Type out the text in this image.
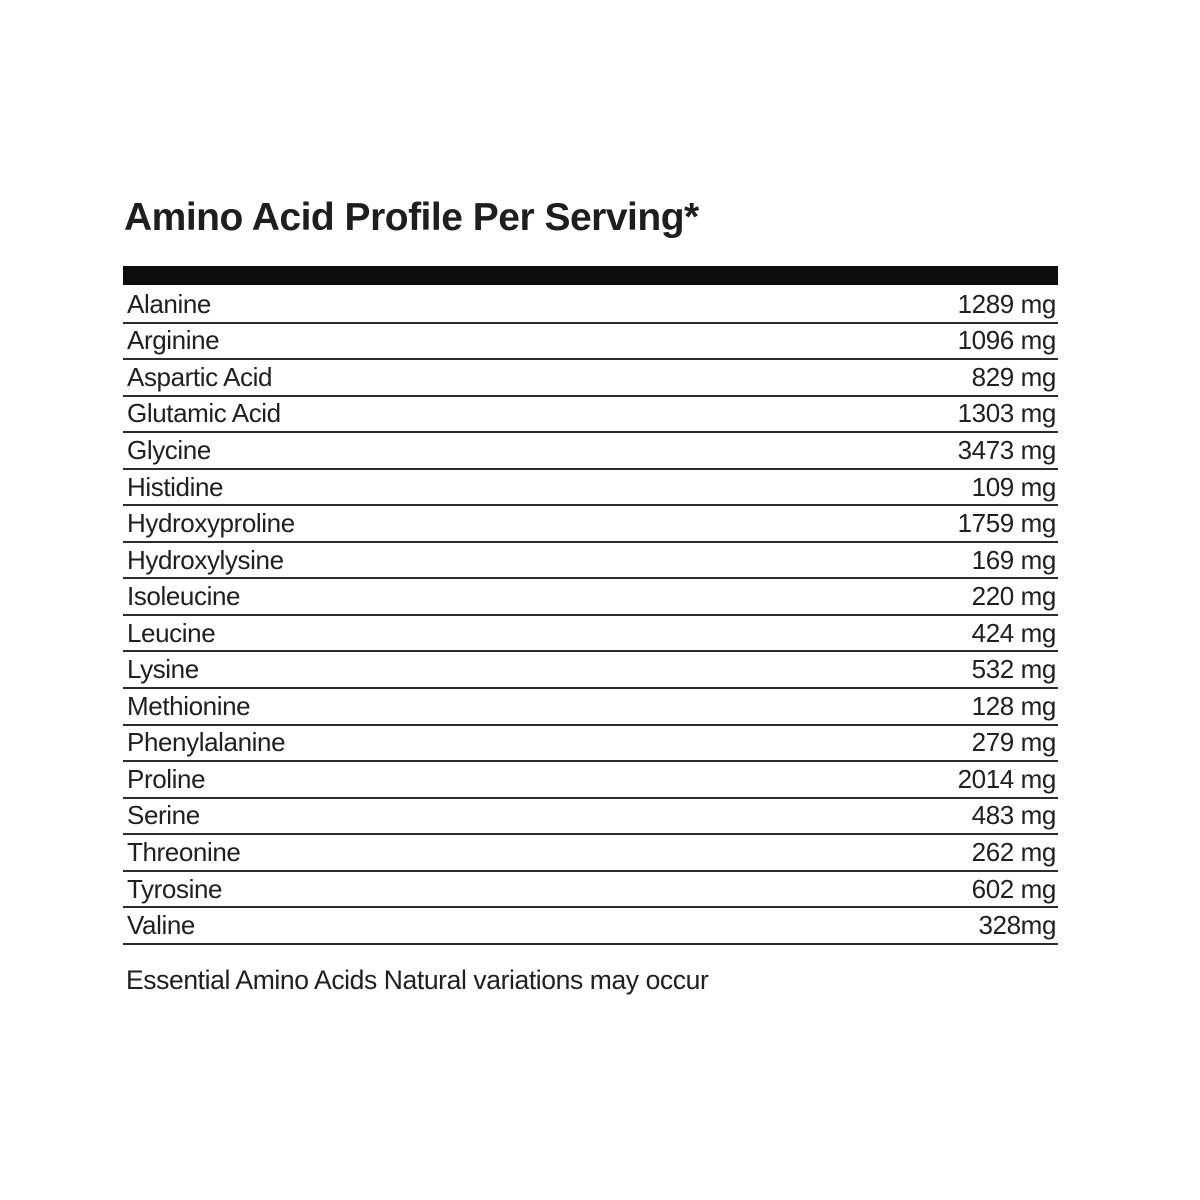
Amino Acid Profile Per Serving*
Alanine	1289 mg
Arginine	1096 mg
Aspartic Acid	829 mg
Glutamic Acid	1303 mg
Glycine	3473 mg
Histidine	109 mg
Hydroxyproline	1759 mg
Hydroxylysine	169 mg
Isoleucine	220 mg
Leucine	424 mg
Lysine	532 mg
Methionine	128 mg
Phenylalanine	279 mg
Proline	2014 mg
Serine	483 mg
Threonine	262 mg
Tyrosine	602 mg
Valine	328mg

Essential Amino Acids Natural variations may occur
